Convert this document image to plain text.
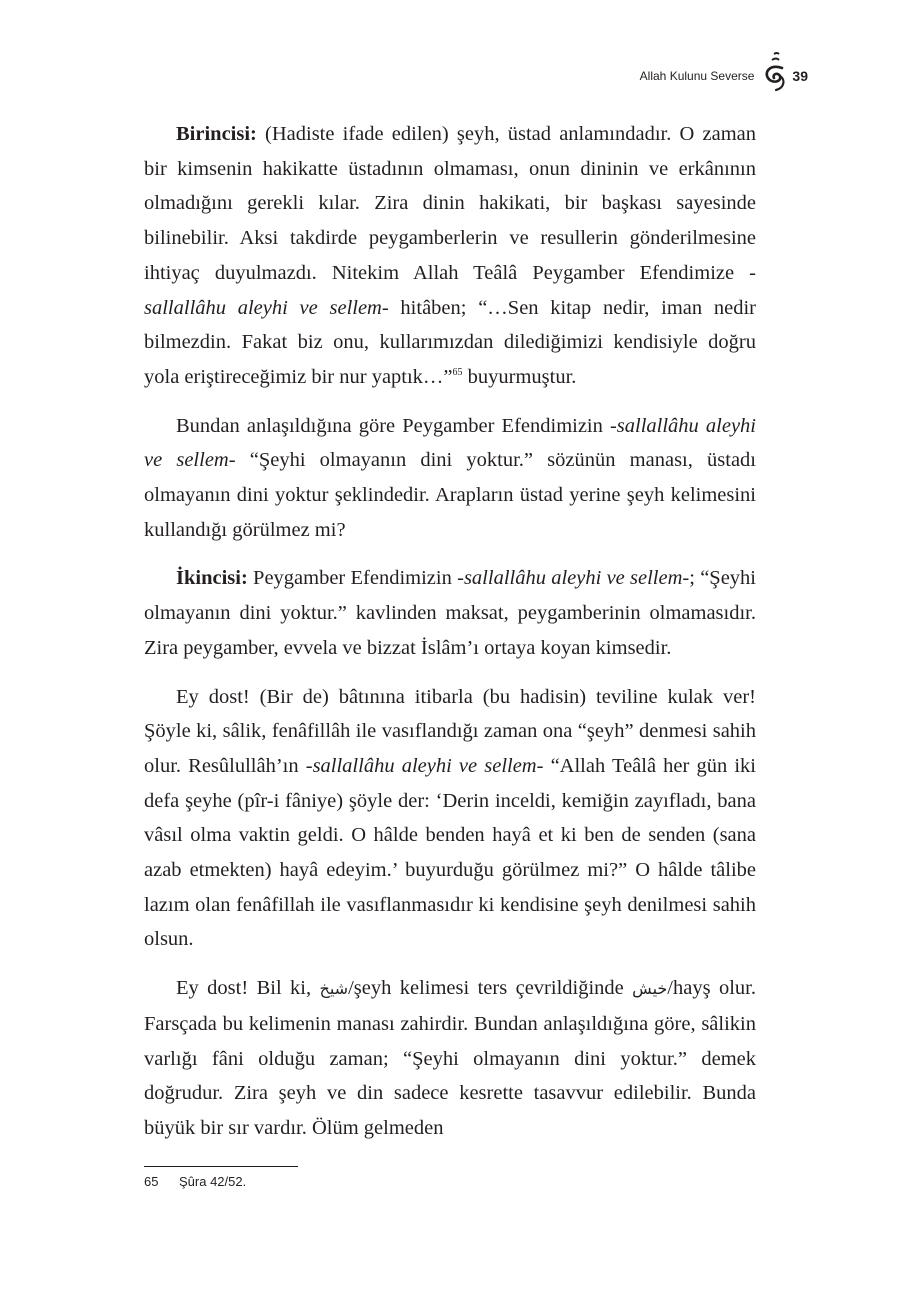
Allah Kulunu Severse	39

Birincisi: (Hadiste ifade edilen) şeyh, üstad anlamındadır. O zaman bir kimsenin hakikatte üstadının olmaması, onun dininin ve erkânının olmadığını gerekli kılar. Zira dinin hakikati, bir başkası sayesinde bilinebilir. Aksi takdirde peygamberlerin ve resullerin gönderilmesine ihtiyaç duyulmazdı. Nitekim Allah Teâlâ Peygamber Efendimize -sallallâhu aleyhi ve sellem- hitâben; “…Sen kitap nedir, iman nedir bilmezdin. Fakat biz onu, kullarımızdan dilediğimizi kendisiyle doğru yola eriştireceğimiz bir nur yaptık…”$^{65}$ buyurmuştur.

Bundan anlaşıldığına göre Peygamber Efendimizin -sallallâhu aleyhi ve sellem- “Şeyhi olmayanın dini yoktur.” sözünün manası, üstadı olmayanın dini yoktur şeklindedir. Arapların üstad yerine şeyh kelimesini kullandığı görülmez mi?

İkincisi: Peygamber Efendimizin -sallallâhu aleyhi ve sellem-; “Şeyhi olmayanın dini yoktur.” kavlinden maksat, peygamberinin olmamasıdır. Zira peygamber, evvela ve bizzat İslâm’ı ortaya koyan kimsedir.

Ey dost! (Bir de) bâtınına itibarla (bu hadisin) teviline kulak ver! Şöyle ki, sâlik, fenâfillâh ile vasıflandığı zaman ona “şeyh” denmesi sahih olur. Resûlullâh’ın -sallallâhu aleyhi ve sellem- “Allah Teâlâ her gün iki defa şeyhe (pîr-i fâniye) şöyle der: ‘Derin inceldi, kemiğin zayıfladı, bana vâsıl olma vaktin geldi. O hâlde benden hayâ et ki ben de senden (sana azab etmekten) hayâ edeyim.’ buyurduğu görülmez mi?” O hâlde tâlibe lazım olan fenâfillah ile vasıflanmasıdır ki kendisine şeyh denilmesi sahih olsun.

Ey dost! Bil ki, شيخ/şeyh kelimesi ters çevrildiğinde خيش/hayş olur. Farsçada bu kelimenin manası zahirdir. Bundan anlaşıldığına göre, sâlikin varlığı fâni olduğu zaman; “Şeyhi olmayanın dini yoktur.” demek doğrudur. Zira şeyh ve din sadece kesrette tasavvur edilebilir. Bunda büyük bir sır vardır. Ölüm gelmeden

65	Şûra 42/52.
